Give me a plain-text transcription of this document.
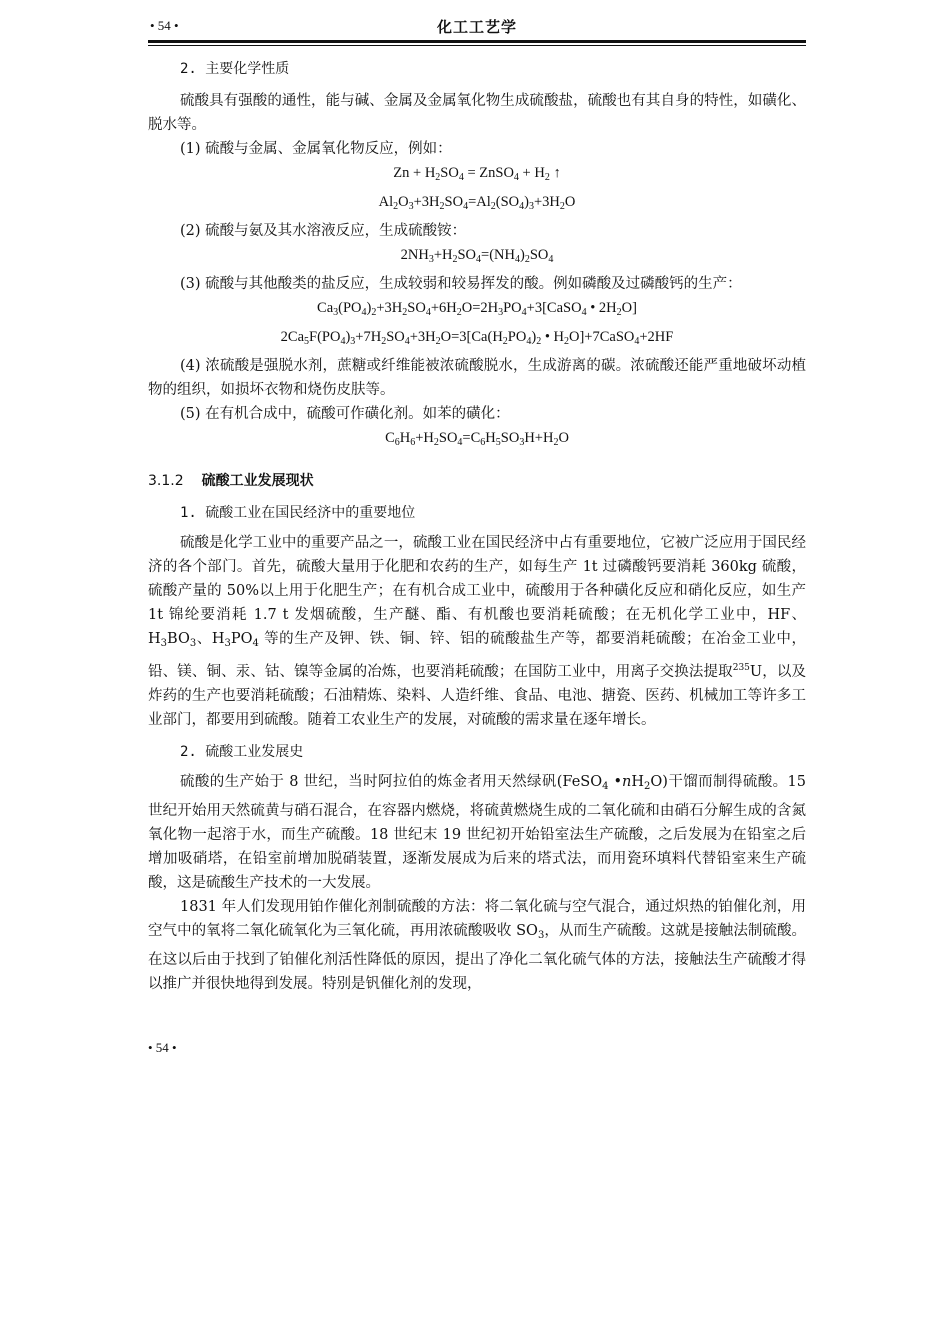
• 54 •	化工工艺学

2. 主要化学性质

硫酸具有强酸的通性，能与碱、金属及金属氧化物生成硫酸盐，硫酸也有其自身的特性，如磺化、脱水等。

(1) 硫酸与金属、金属氧化物反应，例如：

$Zn + H_2SO_4$ = ZnSO$_4$ + $H_2$ ↑

$Al_2O_3+3H_2SO_4=Al_2(SO_4)_3+3H_2O$

(2) 硫酸与氨及其水溶液反应，生成硫酸铵：

$2NH_3+H_2SO_4=(NH_4)_2SO_4$

(3) 硫酸与其他酸类的盐反应，生成较弱和较易挥发的酸。例如磷酸及过磷酸钙的生产：

$Ca_3(PO_4)_2+3H_2SO_4+6H_2O=2H_3PO_4+3[CaSO_4$ • $2H_2O$]

$2Ca_5F(PO_4)_3+7H_2SO_4+3H_2O=3[Ca(H_2PO_4)_2$ • $H_2O]+7CaSO_4+2HF$

(4) 浓硫酸是强脱水剂，蔗糖或纤维能被浓硫酸脱水，生成游离的碳。浓硫酸还能严重地破坏动植物的组织，如损坏衣物和烧伤皮肤等。

(5) 在有机合成中，硫酸可作磺化剂。如苯的磺化：

$C_6H_6+H_2SO_4=C_6H_5SO_3H+H_2O$

3.1.2 硫酸工业发展现状

1. 硫酸工业在国民经济中的重要地位

硫酸是化学工业中的重要产品之一，硫酸工业在国民经济中占有重要地位，它被广泛应用于国民经济的各个部门。首先，硫酸大量用于化肥和农药的生产，如每生产 1t 过磷酸钙要消耗 360kg 硫酸，硫酸产量的 50%以上用于化肥生产；在有机合成工业中，硫酸用于各种磺化反应和硝化反应，如生产 1t 锦纶要消耗 1.7 t 发烟硫酸，生产醚、酯、有机酸也要消耗硫酸；在无机化学工业中，HF、$H_3BO_3$、$H_3PO_4$ 等的生产及钾、铁、铜、锌、铝的硫酸盐生产等，都要消耗硫酸；在冶金工业中，铅、镁、铜、汞、钴、镍等金属的冶炼，也要消耗硫酸；在国防工业中，用离子交换法提取$^{235}$U，以及炸药的生产也要消耗硫酸；石油精炼、染料、人造纤维、食品、电池、搪瓷、医药、机械加工等许多工业部门，都要用到硫酸。随着工农业生产的发展，对硫酸的需求量在逐年增长。

2. 硫酸工业发展史

硫酸的生产始于 8 世纪，当时阿拉伯的炼金者用天然绿矾(FeSO$_4$ $•nH_2O$)干馏而制得硫酸。15 世纪开始用天然硫黄与硝石混合，在容器内燃烧，将硫黄燃烧生成的二氧化硫和由硝石分解生成的含氮氧化物一起溶于水，而生产硫酸。18 世纪末 19 世纪初开始铅室法生产硫酸，之后发展为在铅室之后增加吸硝塔，在铅室前增加脱硝装置，逐渐发展成为后来的塔式法，而用瓷环填料代替铅室来生产硫酸，这是硫酸生产技术的一大发展。

1831 年人们发现用铂作催化剂制硫酸的方法：将二氧化硫与空气混合，通过炽热的铂催化剂，用空气中的氧将二氧化硫氧化为三氧化硫，再用浓硫酸吸收 $SO_3$，从而生产硫酸。这就是接触法制硫酸。在这以后由于找到了铂催化剂活性降低的原因，提出了净化二氧化硫气体的方法，接触法生产硫酸才得以推广并很快地得到发展。特别是钒催化剂的发现，

• 54 •
